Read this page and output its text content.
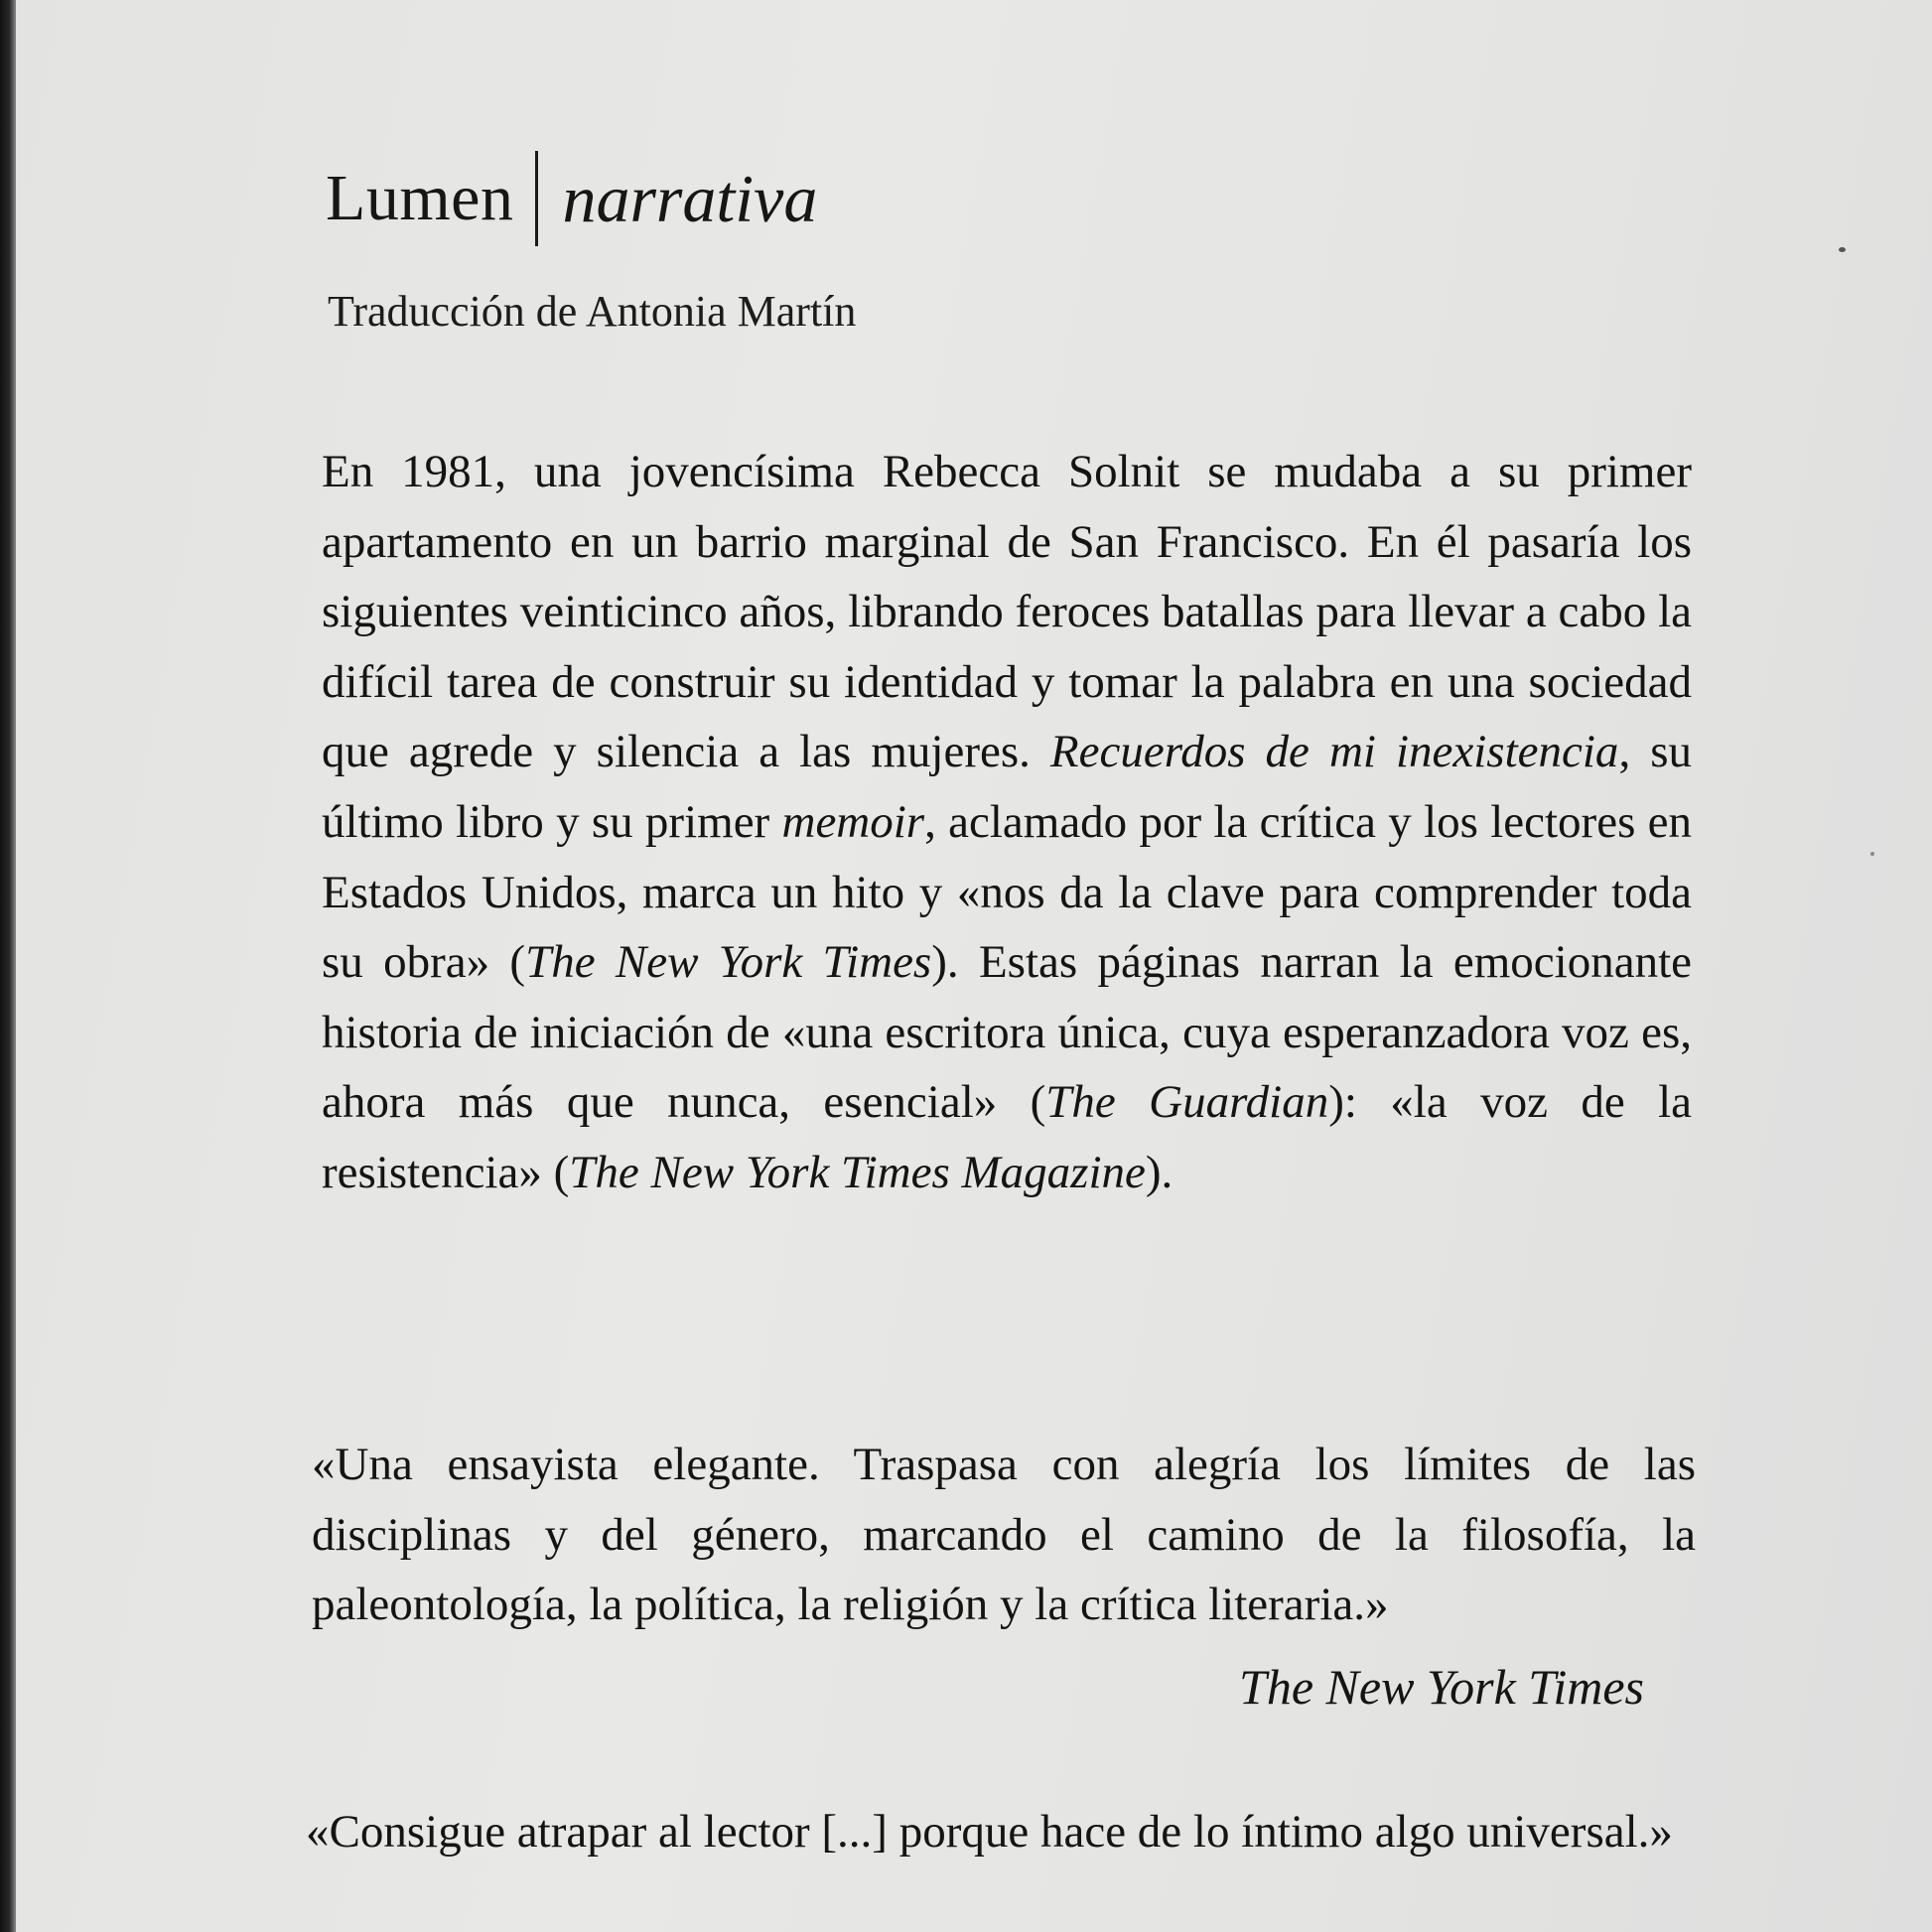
Lumen narrativa
Traducción de Antonia Martín

En 1981, una jovencísima Rebecca Solnit se mudaba a su primer apartamento en un barrio marginal de San Francisco. En él pasaría los siguientes veinticinco años, librando feroces batallas para llevar a cabo la difícil tarea de construir su identidad y tomar la palabra en una sociedad que agrede y silencia a las mujeres. Recuerdos de mi inexistencia, su último libro y su primer memoir, aclamado por la crítica y los lectores en Estados Unidos, marca un hito y «nos da la clave para comprender toda su obra» (The New York Times). Estas páginas narran la emocionante historia de iniciación de «una escritora única, cuya esperanzadora voz es, ahora más que nunca, esencial» (The Guardian): «la voz de la resistencia» (The New York Times Magazine).

«Una ensayista elegante. Traspasa con alegría los límites de las disciplinas y del género, marcando el camino de la filosofía, la paleontología, la política, la religión y la crítica literaria.»

The New York Times

«Consigue atrapar al lector [...] porque hace de lo íntimo algo universal.»
